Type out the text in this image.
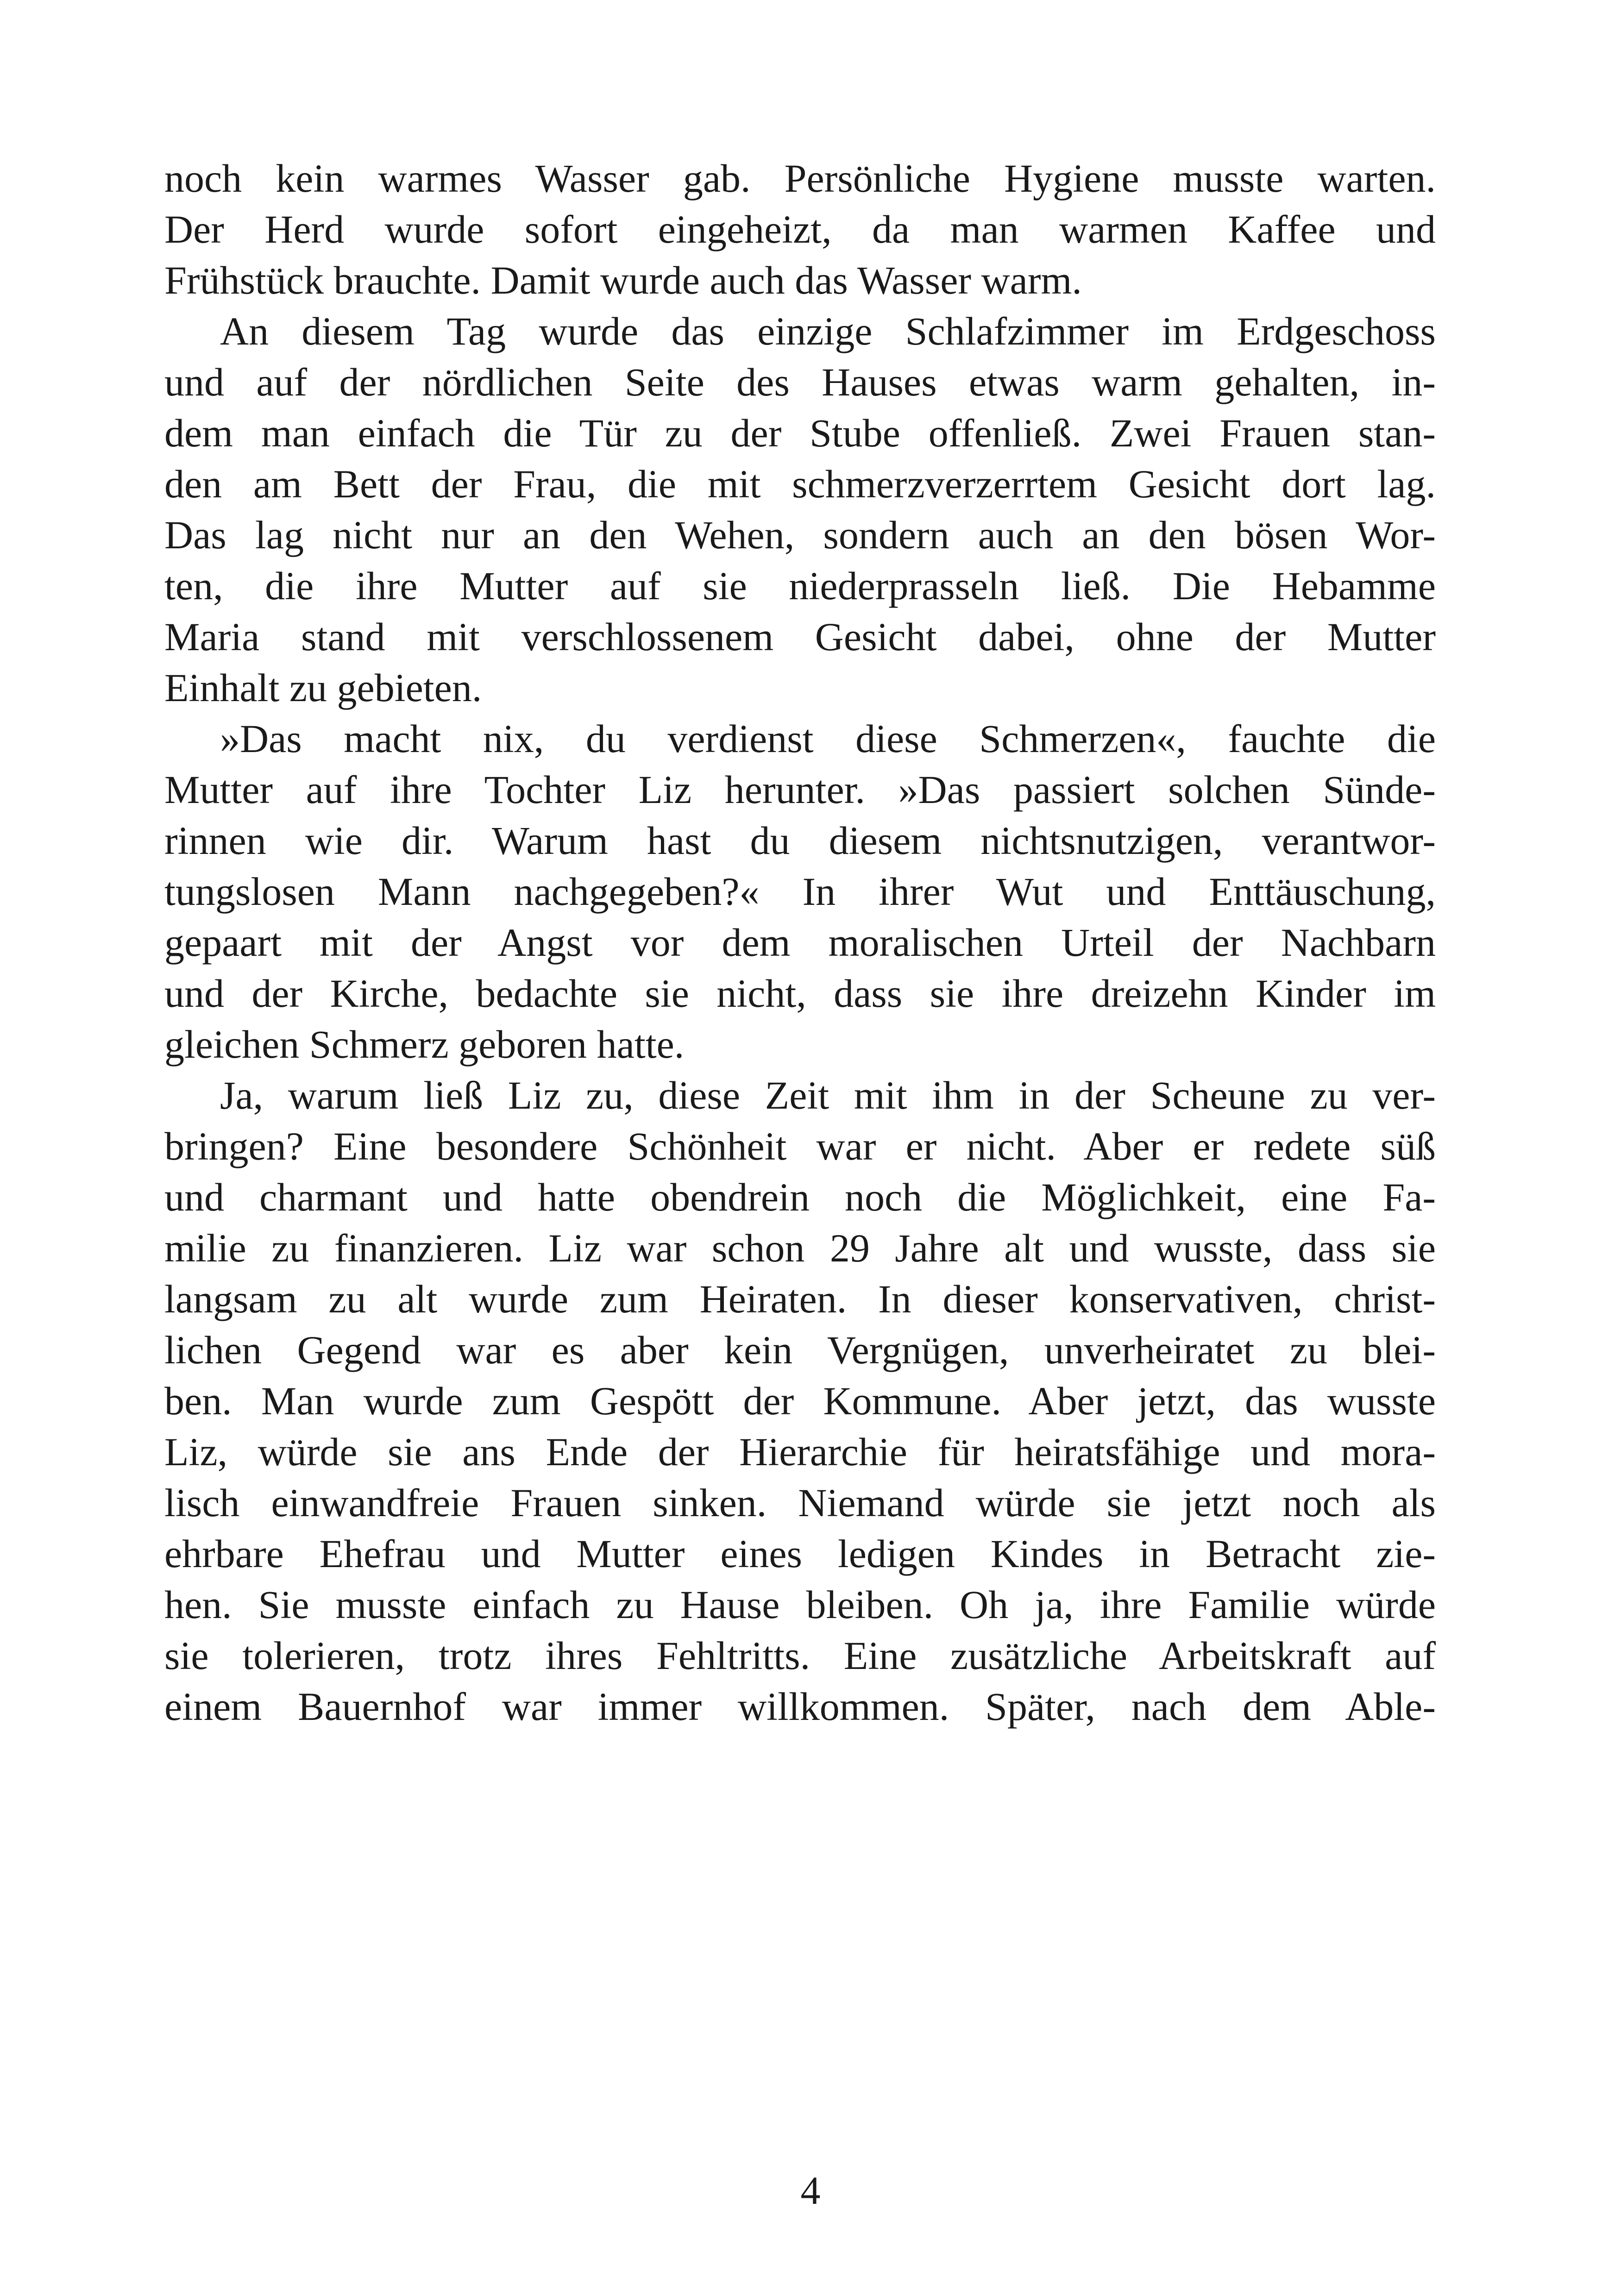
noch kein warmes Wasser gab. Persönliche Hygiene musste warten.
Der Herd wurde sofort eingeheizt, da man warmen Kaffee und
Frühstück brauchte. Damit wurde auch das Wasser warm.
An diesem Tag wurde das einzige Schlafzimmer im Erdgeschoss
und auf der nördlichen Seite des Hauses etwas warm gehalten, in-
dem man einfach die Tür zu der Stube offenließ. Zwei Frauen stan-
den am Bett der Frau, die mit schmerzverzerrtem Gesicht dort lag.
Das lag nicht nur an den Wehen, sondern auch an den bösen Wor-
ten, die ihre Mutter auf sie niederprasseln ließ. Die Hebamme
Maria stand mit verschlossenem Gesicht dabei, ohne der Mutter
Einhalt zu gebieten.
»Das macht nix, du verdienst diese Schmerzen«, fauchte die
Mutter auf ihre Tochter Liz herunter. »Das passiert solchen Sünde-
rinnen wie dir. Warum hast du diesem nichtsnutzigen, verantwor-
tungslosen Mann nachgegeben?« In ihrer Wut und Enttäuschung,
gepaart mit der Angst vor dem moralischen Urteil der Nachbarn
und der Kirche, bedachte sie nicht, dass sie ihre dreizehn Kinder im
gleichen Schmerz geboren hatte.
Ja, warum ließ Liz zu, diese Zeit mit ihm in der Scheune zu ver-
bringen? Eine besondere Schönheit war er nicht. Aber er redete süß
und charmant und hatte obendrein noch die Möglichkeit, eine Fa-
milie zu finanzieren. Liz war schon 29 Jahre alt und wusste, dass sie
langsam zu alt wurde zum Heiraten. In dieser konservativen, christ-
lichen Gegend war es aber kein Vergnügen, unverheiratet zu blei-
ben. Man wurde zum Gespött der Kommune. Aber jetzt, das wusste
Liz, würde sie ans Ende der Hierarchie für heiratsfähige und mora-
lisch einwandfreie Frauen sinken. Niemand würde sie jetzt noch als
ehrbare Ehefrau und Mutter eines ledigen Kindes in Betracht zie-
hen. Sie musste einfach zu Hause bleiben. Oh ja, ihre Familie würde
sie tolerieren, trotz ihres Fehltritts. Eine zusätzliche Arbeitskraft auf
einem Bauernhof war immer willkommen. Später, nach dem Able-
4
